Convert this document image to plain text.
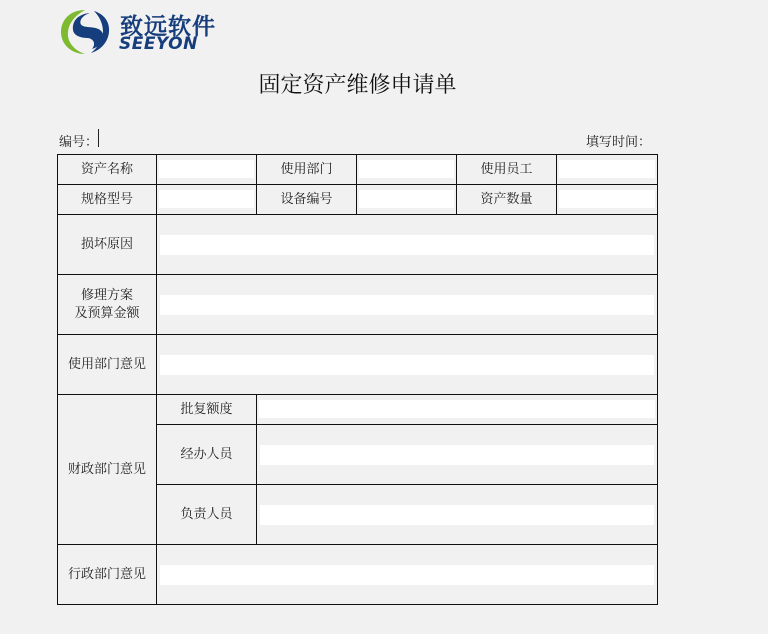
致远软件
SEEYON
固定资产维修申请单
编号：	填写时间：
资产名称		使用部门		使用员工	

规格型号		设备编号		资产数量	

损坏原因					

修理方案
及预算金额					

使用部门意见					

财政部门意见	批复额度	

	经办人员				

	负责人员				

行政部门意见					
